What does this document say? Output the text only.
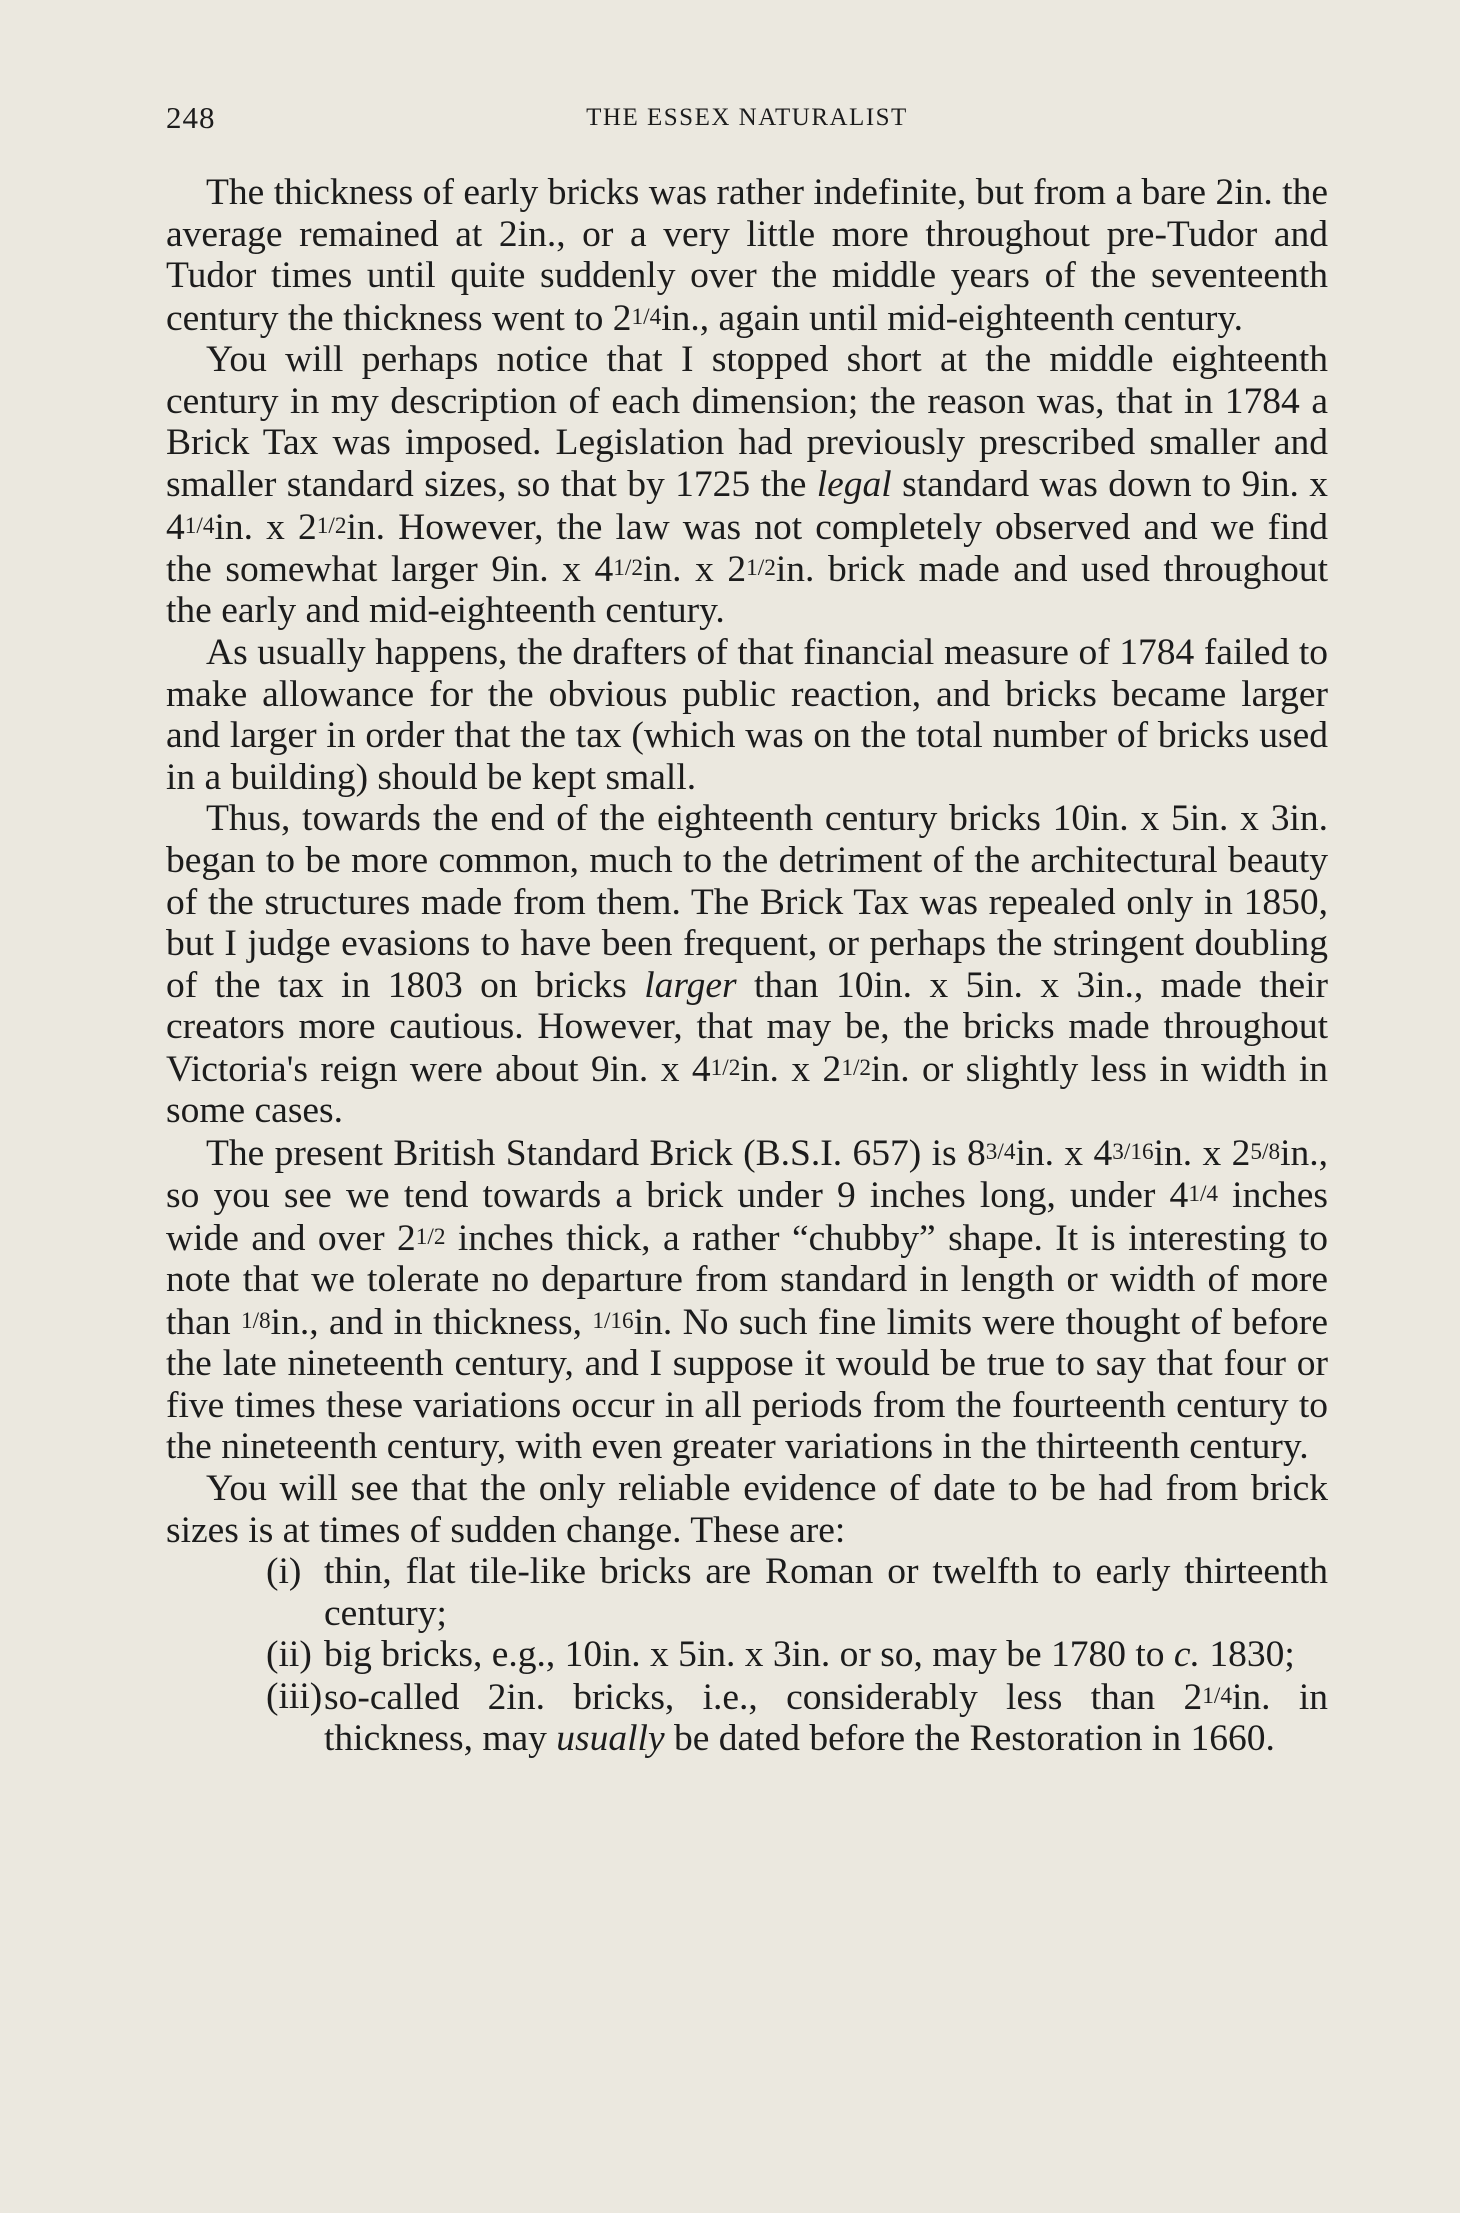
248	THE ESSEX NATURALIST

The thickness of early bricks was rather indefinite, but from a bare 2in. the average remained at 2in., or a very little more throughout pre-Tudor and Tudor times until quite suddenly over the middle years of the seventeenth century the thickness went to 21/4in., again until mid-eighteenth century.

You will perhaps notice that I stopped short at the middle eighteenth century in my description of each dimension; the reason was, that in 1784 a Brick Tax was imposed. Legislation had previously prescribed smaller and smaller standard sizes, so that by 1725 the legal standard was down to 9in. x 41/4in. x 21/2in. However, the law was not completely observed and we find the somewhat larger 9in. x 41/2in. x 21/2in. brick made and used throughout the early and mid-eighteenth century.

As usually happens, the drafters of that financial measure of 1784 failed to make allowance for the obvious public reaction, and bricks became larger and larger in order that the tax (which was on the total number of bricks used in a building) should be kept small.

Thus, towards the end of the eighteenth century bricks 10in. x 5in. x 3in. began to be more common, much to the detriment of the architectural beauty of the structures made from them. The Brick Tax was repealed only in 1850, but I judge evasions to have been frequent, or perhaps the stringent doubling of the tax in 1803 on bricks larger than 10in. x 5in. x 3in., made their creators more cautious. However, that may be, the bricks made throughout Victoria's reign were about 9in. x 41/2in. x 21/2in. or slightly less in width in some cases.

The present British Standard Brick (B.S.I. 657) is 83/4in. x 43/16in. x 25/8in., so you see we tend towards a brick under 9 inches long, under 41/4 inches wide and over 21/2 inches thick, a rather “chubby” shape. It is interesting to note that we tolerate no departure from standard in length or width of more than 1/8in., and in thickness, 1/16in. No such fine limits were thought of before the late nineteenth century, and I suppose it would be true to say that four or five times these variations occur in all periods from the fourteenth century to the nineteenth century, with even greater variations in the thirteenth century.

You will see that the only reliable evidence of date to be had from brick sizes is at times of sudden change. These are:

(i) thin, flat tile-like bricks are Roman or twelfth to early thirteenth century;
(ii) big bricks, e.g., 10in. x 5in. x 3in. or so, may be 1780 to c. 1830;
(iii) so-called 2in. bricks, i.e., considerably less than 21/4in. in thickness, may usually be dated before the Restoration in 1660.
